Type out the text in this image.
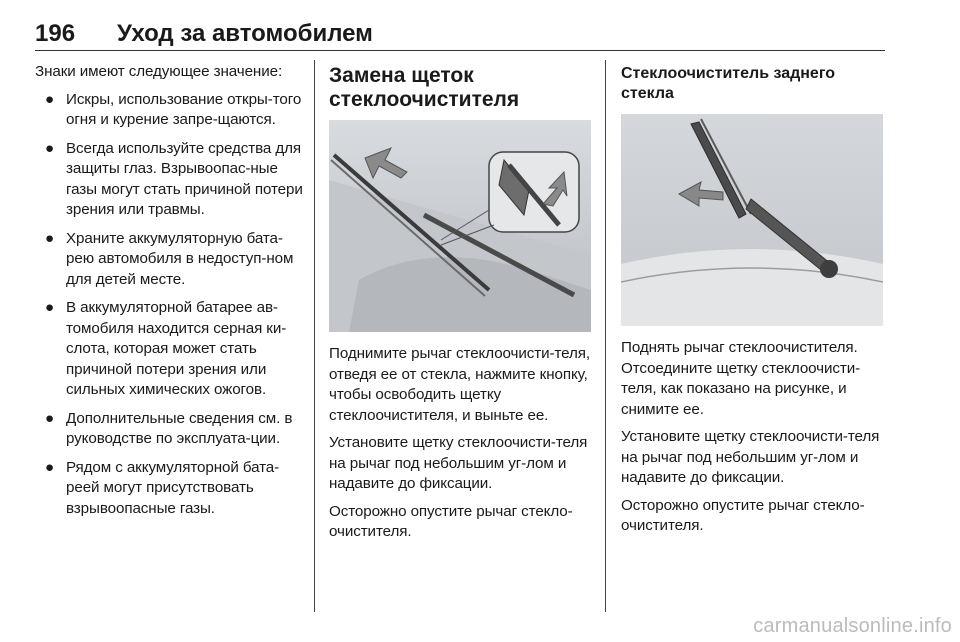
196	Уход за автомобилем

Знаки имеют следующее значение:

● Искры, использование откры-того огня и курение запре-щаются.
● Всегда используйте средства для защиты глаз. Взрывоопас-ные газы могут стать причиной потери зрения или травмы.
● Храните аккумуляторную бата-рею автомобиля в недоступ-ном для детей месте.
● В аккумуляторной батарее ав-томобиля находится серная ки-слота, которая может стать причиной потери зрения или сильных химических ожогов.
● Дополнительные сведения см. в руководстве по эксплуата-ции.
● Рядом с аккумуляторной бата-реей могут присутствовать взрывоопасные газы.
Замена щеток стеклоочистителя

Поднимите рычаг стеклоочисти-теля, отведя ее от стекла, нажмите кнопку, чтобы освободить щетку стеклоочистителя, и выньте ее.

Установите щетку стеклоочисти-теля на рычаг под небольшим уг-лом и надавите до фиксации.

Осторожно опустите рычаг стекло-очистителя.

Стеклоочиститель заднего стекла

Поднять рычаг стеклоочистителя. Отсоедините щетку стеклоочисти-теля, как показано на рисунке, и снимите ее.

Установите щетку стеклоочисти-теля на рычаг под небольшим уг-лом и надавите до фиксации.

Осторожно опустите рычаг стекло-очистителя.

carmanualsonline.info
